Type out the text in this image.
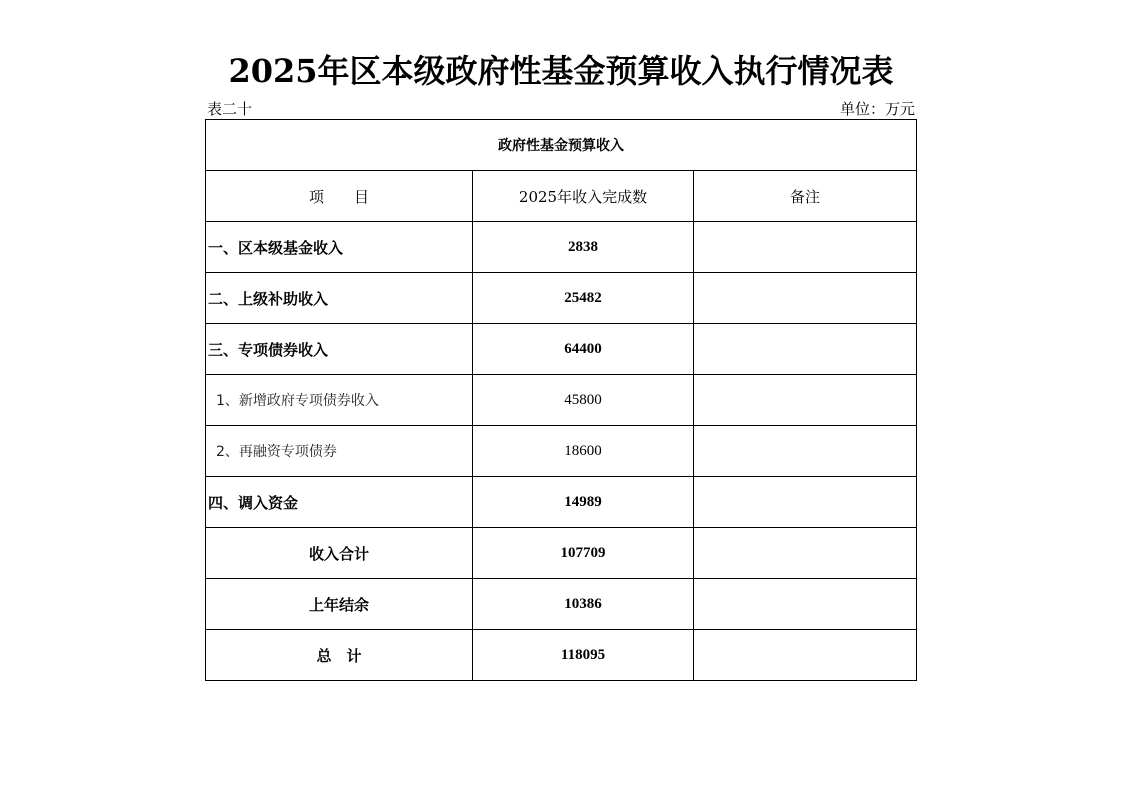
2025年区本级政府性基金预算收入执行情况表
表二十	单位：万元
政府性基金预算收入		
项　　目	2025年收入完成数	备注
一、区本级基金收入	2838	
二、上级补助收入	25482	
三、专项债券收入	64400	
1、新增政府专项债券收入	45800	
2、再融资专项债券	18600	
四、调入资金	14989	
收入合计	107709	
上年结余	10386	
总　计	118095	
